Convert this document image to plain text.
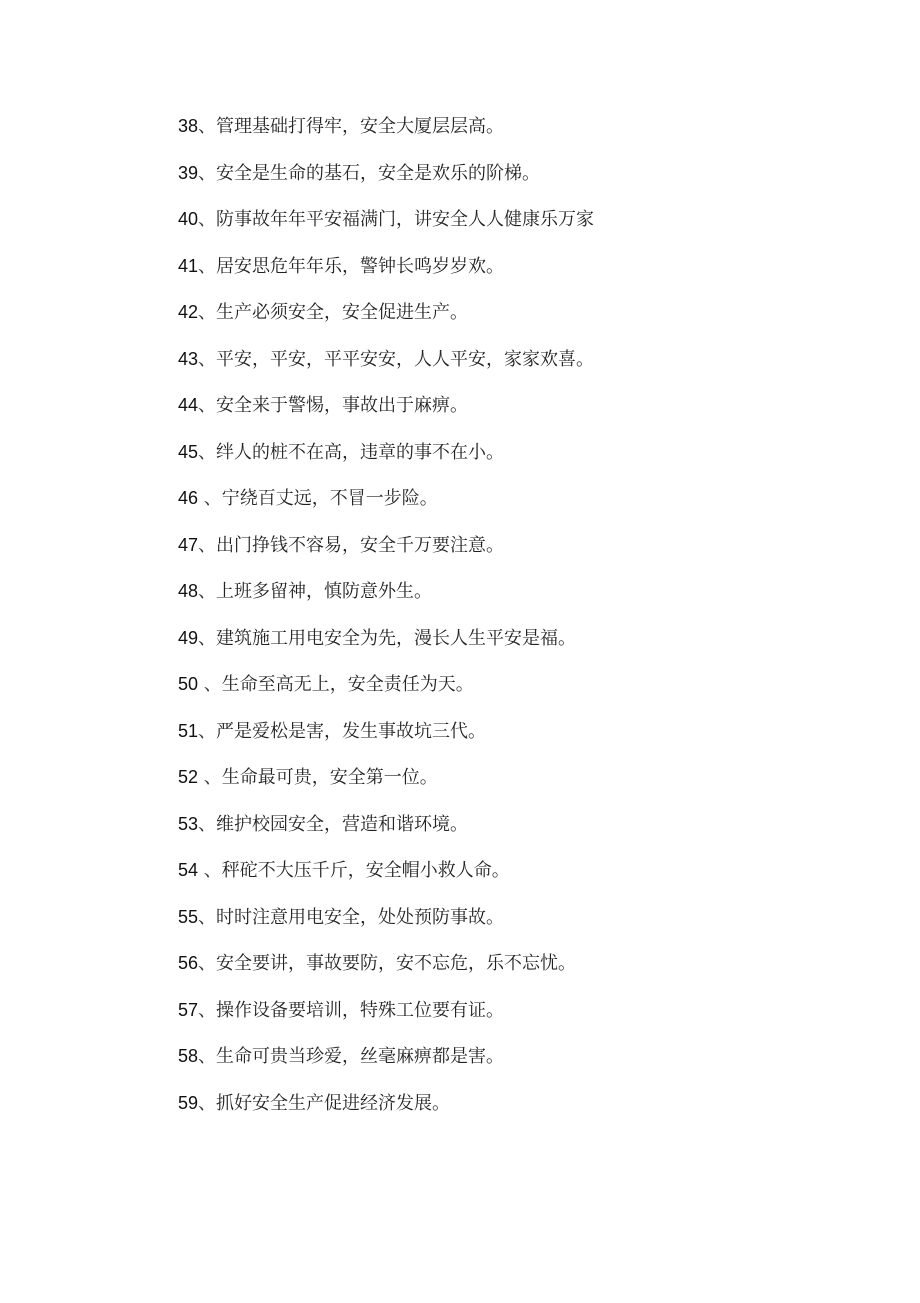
38、管理基础打得牢，安全大厦层层高。
39、安全是生命的基石，安全是欢乐的阶梯。
40、防事故年年平安福满门，讲安全人人健康乐万家
41、居安思危年年乐，警钟长鸣岁岁欢。
42、生产必须安全，安全促进生产。
43、平安，平安，平平安安，人人平安，家家欢喜。
44、安全来于警惕，事故出于麻痹。
45、绊人的桩不在高，违章的事不在小。
46 、宁绕百丈远，不冒一步险。
47、出门挣钱不容易，安全千万要注意。
48、上班多留神，慎防意外生。
49、建筑施工用电安全为先，漫长人生平安是福。
50 、生命至高无上，安全责任为天。
51、严是爱松是害，发生事故坑三代。
52 、生命最可贵，安全第一位。
53、维护校园安全，营造和谐环境。
54 、秤砣不大压千斤，安全帽小救人命。
55、时时注意用电安全，处处预防事故。
56、安全要讲，事故要防，安不忘危，乐不忘忧。
57、操作设备要培训，特殊工位要有证。
58、生命可贵当珍爱，丝毫麻痹都是害。
59、抓好安全生产促进经济发展。
